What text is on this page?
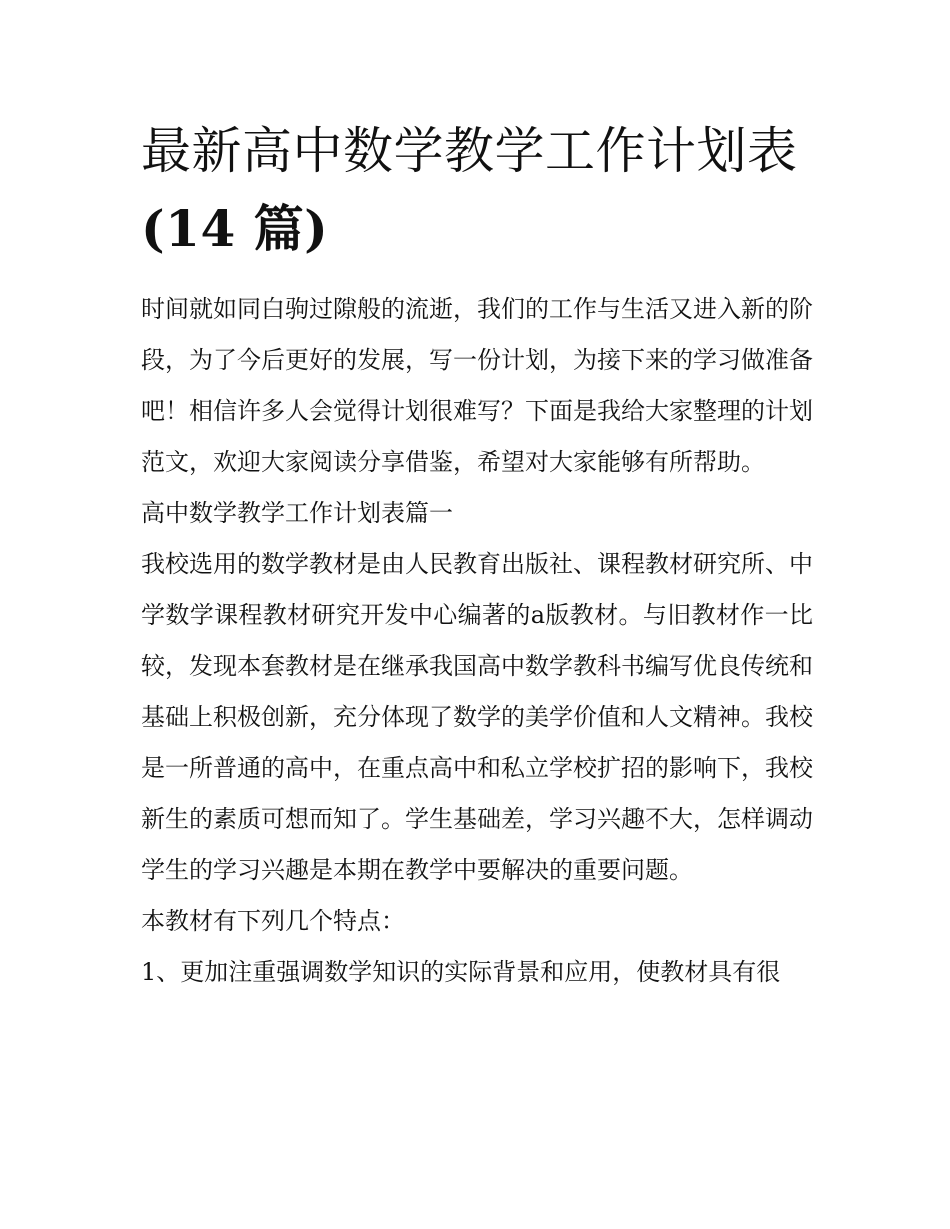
最新高中数学教学工作计划表
(14 篇)

时间就如同白驹过隙般的流逝，我们的工作与生活又进入新的阶段，为了今后更好的发展，写一份计划，为接下来的学习做准备吧！相信许多人会觉得计划很难写？下面是我给大家整理的计划范文，欢迎大家阅读分享借鉴，希望对大家能够有所帮助。

高中数学教学工作计划表篇一

我校选用的数学教材是由人民教育出版社、课程教材研究所、中学数学课程教材研究开发中心编著的a版教材。与旧教材作一比较，发现本套教材是在继承我国高中数学教科书编写优良传统和基础上积极创新，充分体现了数学的美学价值和人文精神。我校

是一所普通的高中，在重点高中和私立学校扩招的影响下，我校新生的素质可想而知了。学生基础差，学习兴趣不大，怎样调动学生的学习兴趣是本期在教学中要解决的重要问题。

本教材有下列几个特点：

1、更加注重强调数学知识的实际背景和应用，使教材具有很
